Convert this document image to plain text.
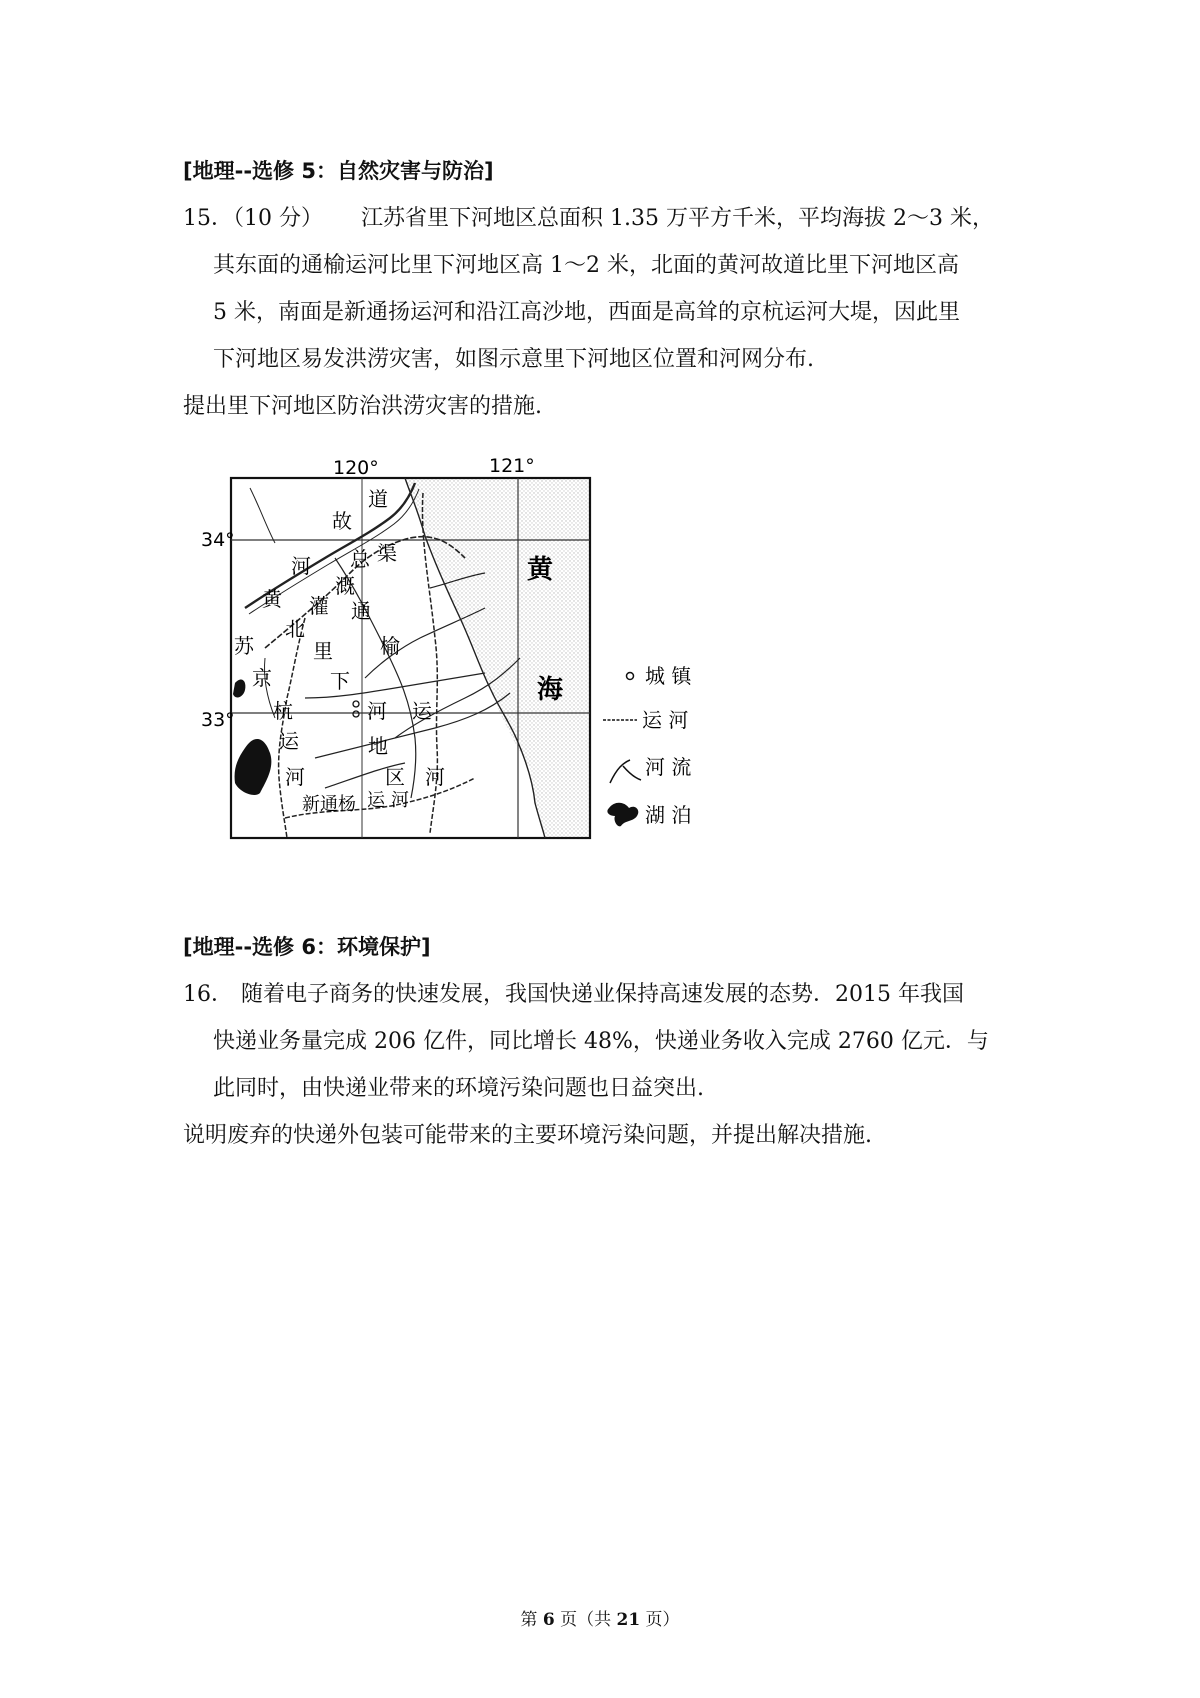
[地理--选修 5：自然灾害与防治]
15．（10 分） 江苏省里下河地区总面积 1.35 万平方千米，平均海拔 2～3 米，
其东面的通榆运河比里下河地区高 1～2 米，北面的黄河故道比里下河地区高
5 米，南面是新通扬运河和沿江高沙地，西面是高耸的京杭运河大堤，因此里
下河地区易发洪涝灾害，如图示意里下河地区位置和河网分布.
提出里下河地区防治洪涝灾害的措施.
120°	121°
34°
33°
黄
海
道
故
渠
总
河
溉
黄 灌 通
北
苏	里 榆
京	下
河 运
杭
运	地
河	区 河
新通杨 运 河
城 镇
运 河
河 流
湖 泊
[地理--选修 6：环境保护]
16． 随着电子商务的快速发展，我国快递业保持高速发展的态势．2015 年我国
快递业务量完成 206 亿件，同比增长 48%，快递业务收入完成 2760 亿元．与
此同时，由快递业带来的环境污染问题也日益突出.
说明废弃的快递外包装可能带来的主要环境污染问题，并提出解决措施.
第 6 页（共 21 页）
